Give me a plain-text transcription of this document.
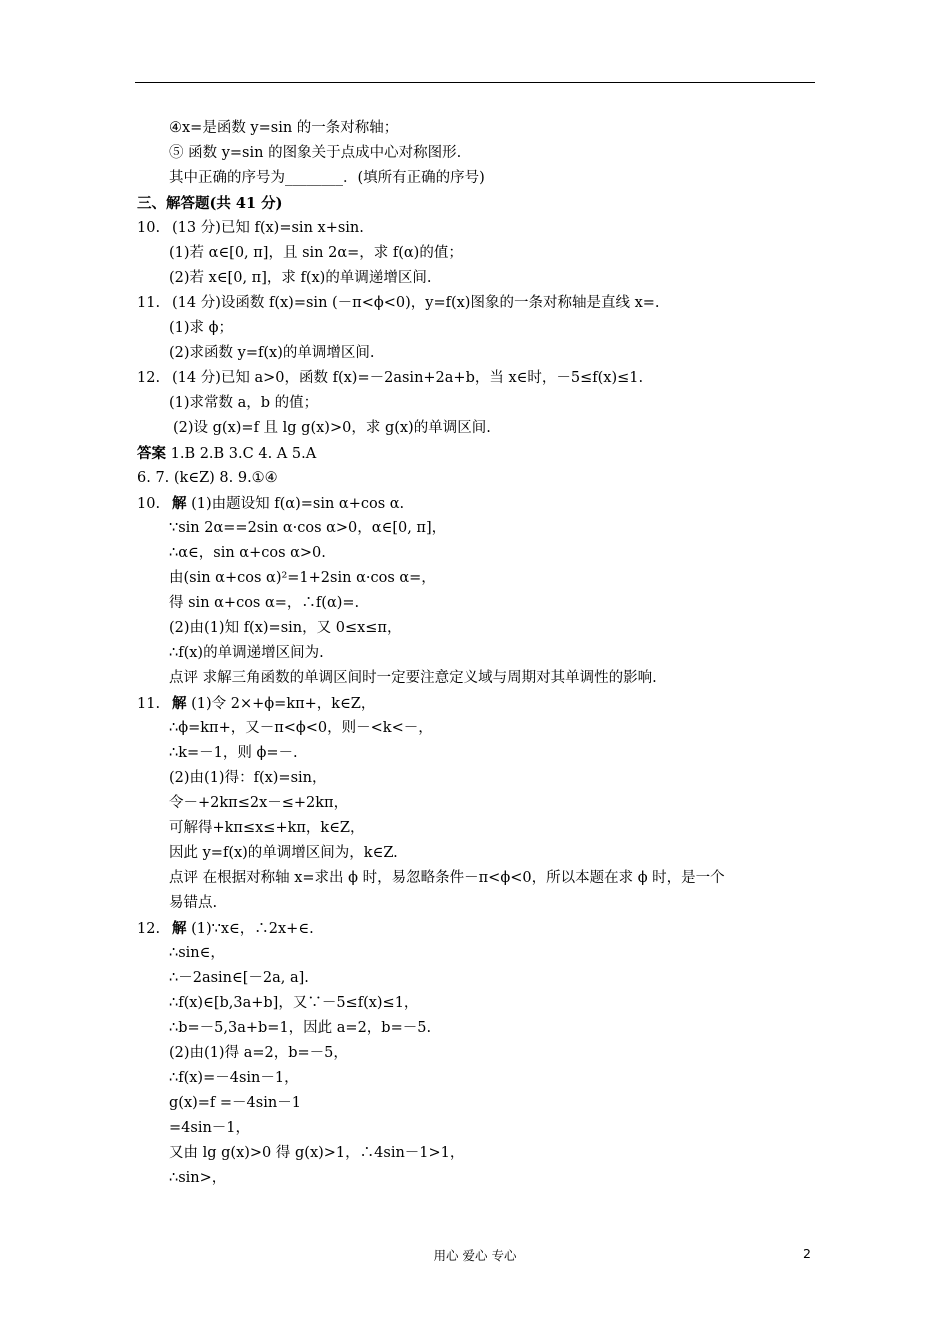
④x=是函数 y=sin 的一条对称轴；
⑤ 函数 y=sin 的图象关于点成中心对称图形.
其中正确的序号为________．(填所有正确的序号)
三、解答题(共 41 分)
10. (13 分)已知 f(x)=sin x+sin.
(1)若 α∈[0, π]，且 sin 2α=，求 f(α)的值；
(2)若 x∈[0, π]，求 f(x)的单调递增区间.
11. (14 分)设函数 f(x)=sin (－π<ϕ<0)，y=f(x)图象的一条对称轴是直线 x=.
(1)求 ϕ；
(2)求函数 y=f(x)的单调增区间.
12. (14 分)已知 a>0，函数 f(x)=－2asin+2a+b，当 x∈时，－5≤f(x)≤1.
(1)求常数 a，b 的值；
(2)设 g(x)=f 且 lg g(x)>0，求 g(x)的单调区间.
答案 1.B 2.B 3.C 4. A 5.A
6. 7. (k∈Z) 8. 9.①④
10. 解 (1)由题设知 f(α)=sin α+cos α.
∵sin 2α==2sin α·cos α>0，α∈[0, π]，
∴α∈，sin α+cos α>0.
由(sin α+cos α)²=1+2sin α·cos α=，
得 sin α+cos α=，∴f(α)=.
(2)由(1)知 f(x)=sin，又 0≤x≤π，
∴f(x)的单调递增区间为.
点评 求解三角函数的单调区间时一定要注意定义域与周期对其单调性的影响.
11. 解 (1)令 2×+ϕ=kπ+，k∈Z，
∴ϕ=kπ+，又－π<ϕ<0，则－<k<－，
∴k=－1，则 ϕ=－.
(2)由(1)得：f(x)=sin，
令－+2kπ≤2x－≤+2kπ，
可解得+kπ≤x≤+kπ，k∈Z，
因此 y=f(x)的单调增区间为，k∈Z.
点评 在根据对称轴 x=求出 ϕ 时，易忽略条件－π<ϕ<0，所以本题在求 ϕ 时，是一个
易错点.
12. 解 (1)∵x∈，∴2x+∈.
∴sin∈，
∴－2asin∈[－2a, a].
∴f(x)∈[b,3a+b]，又∵－5≤f(x)≤1，
∴b=－5,3a+b=1，因此 a=2，b=－5.
(2)由(1)得 a=2，b=－5，
∴f(x)=－4sin－1，
g(x)=f =－4sin－1
=4sin－1，
又由 lg g(x)>0 得 g(x)>1，∴4sin－1>1，
∴sin>，
用心 爱心 专心	2
